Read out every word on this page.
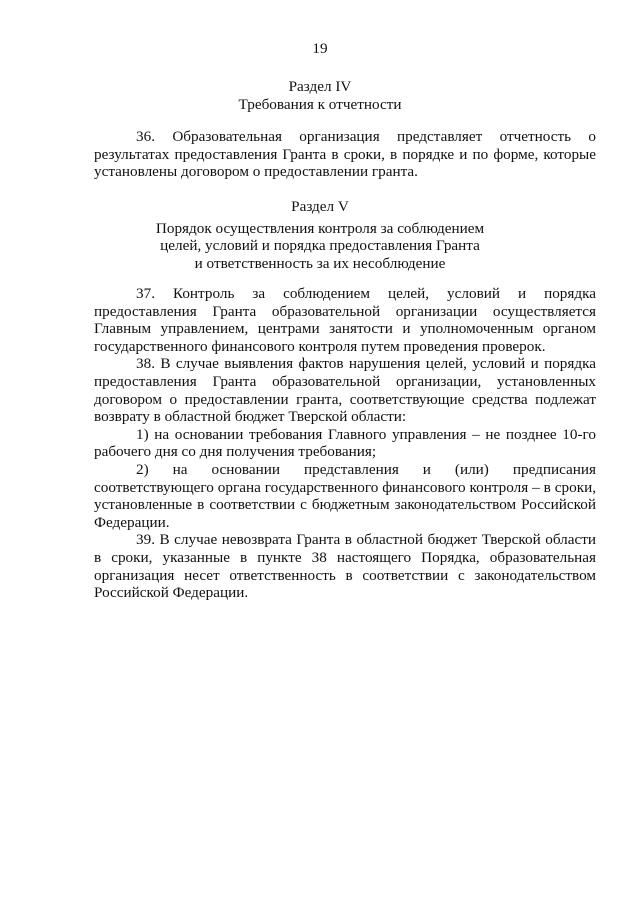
19
Раздел IV
Требования к отчетности

36. Образовательная организация представляет отчетность о результатах предоставления Гранта в сроки, в порядке и по форме, которые установлены договором о предоставлении гранта.

Раздел V
Порядок осуществления контроля за соблюдением
целей, условий и порядка предоставления Гранта
и ответственность за их несоблюдение

37. Контроль за соблюдением целей, условий и порядка предоставления Гранта образовательной организации осуществляется Главным управлением, центрами занятости и уполномоченным органом государственного финансового контроля путем проведения проверок.

38. В случае выявления фактов нарушения целей, условий и порядка предоставления Гранта образовательной организации, установленных договором о предоставлении гранта, соответствующие средства подлежат возврату в областной бюджет Тверской области:

1) на основании требования Главного управления – не позднее 10-го рабочего дня со дня получения требования;

2) на основании представления и (или) предписания соответствующего органа государственного финансового контроля – в сроки, установленные в соответствии с бюджетным законодательством Российской Федерации.

39. В случае невозврата Гранта в областной бюджет Тверской области в сроки, указанные в пункте 38 настоящего Порядка, образовательная организация несет ответственность в соответствии с законодательством Российской Федерации.
